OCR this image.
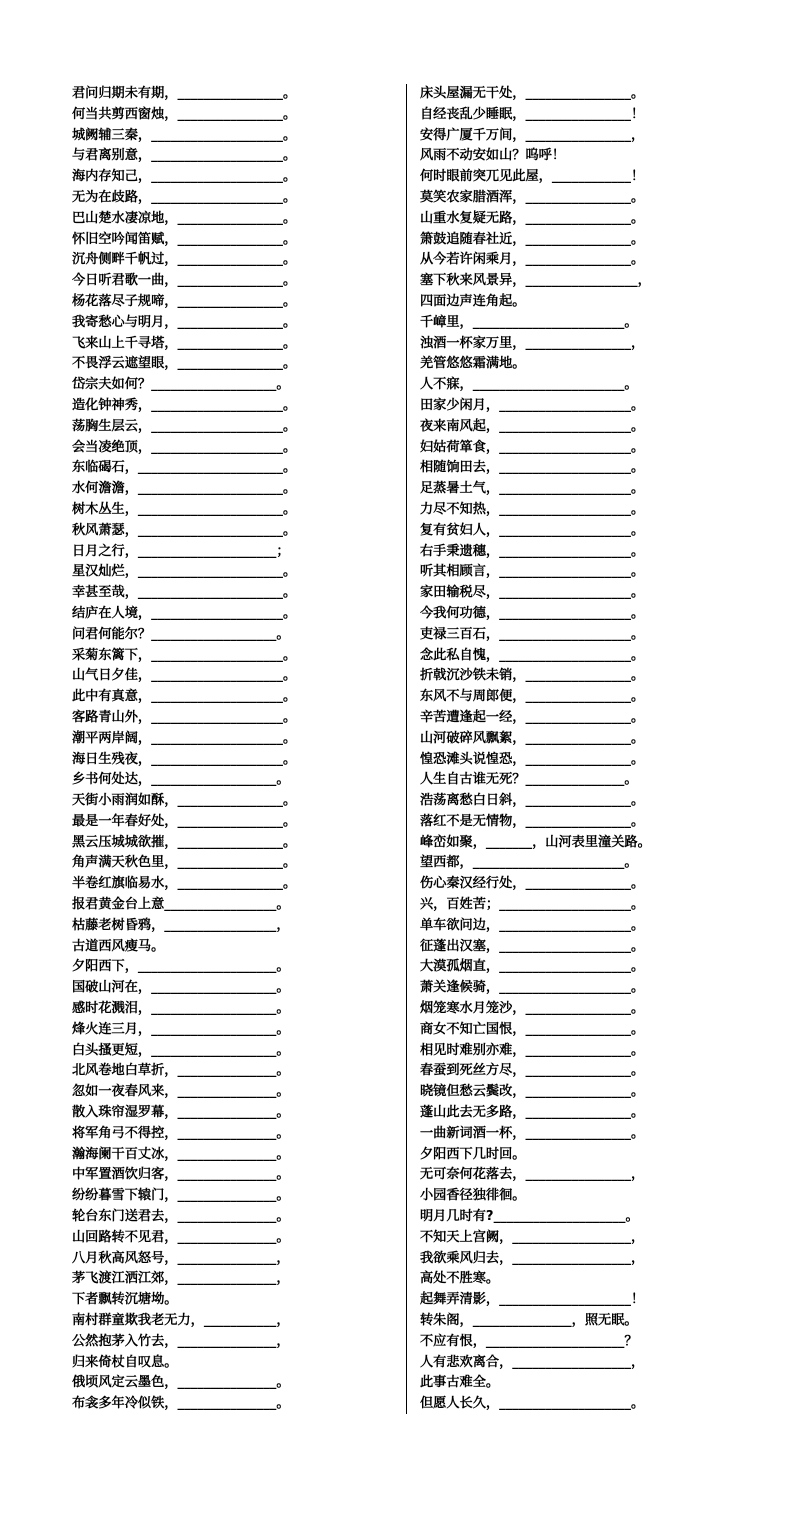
君问归期未有期，________________。
何当共剪西窗烛，________________。
城阙辅三秦，____________________。
与君离别意，____________________。
海内存知己，____________________。
无为在歧路，____________________。
巴山楚水凄凉地，________________。
怀旧空吟闻笛赋，________________。
沉舟侧畔千帆过，________________。
今日听君歌一曲，________________。
杨花落尽子规啼，________________。
我寄愁心与明月，________________。
飞来山上千寻塔，________________。
不畏浮云遮望眼，________________。
岱宗夫如何？___________________。
造化钟神秀，____________________。
荡胸生层云，____________________。
会当凌绝顶，____________________。
东临碣石，______________________。
水何澹澹，______________________。
树木丛生，______________________。
秋风萧瑟，______________________。
日月之行，_____________________；
星汉灿烂，______________________。
幸甚至哉，______________________。
结庐在人境，____________________。
问君何能尔？___________________。
采菊东篱下，____________________。
山气日夕佳，____________________。
此中有真意，____________________。
客路青山外，____________________。
潮平两岸阔，____________________。
海日生残夜，____________________。
乡书何处达，___________________。
天街小雨润如酥，________________。
最是一年春好处，________________。
黑云压城城欲摧，________________。
角声满天秋色里，________________。
半卷红旗临易水，________________。
报君黄金台上意_________________。
枯藤老树昏鸦，_________________，
古道西风瘦马。
夕阳西下，_____________________。
国破山河在，___________________。
感时花溅泪，___________________。
烽火连三月，___________________。
白头搔更短，___________________。
北风卷地白草折，_______________。
忽如一夜春风来，_______________。
散入珠帘湿罗幕，_______________。
将军角弓不得控，_______________。
瀚海阑干百丈冰，_______________。
中军置酒饮归客，_______________。
纷纷暮雪下辕门，_______________。
轮台东门送君去，_______________。
山回路转不见君，_______________。
八月秋高风怒号，_______________，
茅飞渡江洒江郊，_______________，
下者飘转沉塘坳。
南村群童欺我老无力，___________，
公然抱茅入竹去，_______________，
归来倚杖自叹息。
俄顷风定云墨色，_______________。
布衾多年冷似铁，_______________。
床头屋漏无干处，________________。
自经丧乱少睡眠，________________！
安得广厦千万间，________________，
风雨不动安如山？呜呼！
何时眼前突兀见此屋，____________！
莫笑农家腊酒浑，________________。
山重水复疑无路，________________。
箫鼓追随春社近，________________。
从今若许闲乘月，________________。
塞下秋来风景异，_________________，
四面边声连角起。
千嶂里，_______________________。
浊酒一杯家万里，________________，
羌管悠悠霜满地。
人不寐，_______________________。
田家少闲月，____________________。
夜来南风起，____________________。
妇姑荷箪食，____________________。
相随饷田去，____________________。
足蒸暑土气，____________________。
力尽不知热，____________________。
复有贫妇人，____________________。
右手秉遗穗，____________________。
听其相顾言，____________________。
家田输税尽，____________________。
今我何功德，____________________。
吏禄三百石，____________________。
念此私自愧，____________________。
折戟沉沙铁未销，________________。
东风不与周郎便，________________。
辛苦遭逢起一经，________________。
山河破碎风飘絮，________________。
惶恐滩头说惶恐，________________。
人生自古谁无死？_______________。
浩荡离愁白日斜，________________。
落红不是无情物，________________。
峰峦如聚，_______，山河表里潼关路。
望西都，_______________________。
伤心秦汉经行处，________________。
兴，百姓苦；____________________。
单车欲问边，____________________。
征蓬出汉塞，____________________。
大漠孤烟直，____________________。
萧关逢候骑，____________________。
烟笼寒水月笼沙，________________。
商女不知亡国恨，________________。
相见时难别亦难，________________。
春蚕到死丝方尽，________________。
晓镜但愁云鬓改，________________。
蓬山此去无多路，________________。
一曲新词酒一杯，________________。
夕阳西下几时回。
无可奈何花落去，________________，
小园香径独徘徊。
明月几时有?____________________。
不知天上宫阙，__________________，
我欲乘风归去，__________________，
高处不胜寒。
起舞弄清影，____________________！
转朱阁，_______________，照无眠。
不应有恨，_____________________？
人有悲欢离合，__________________，
此事古难全。
但愿人长久，____________________。
